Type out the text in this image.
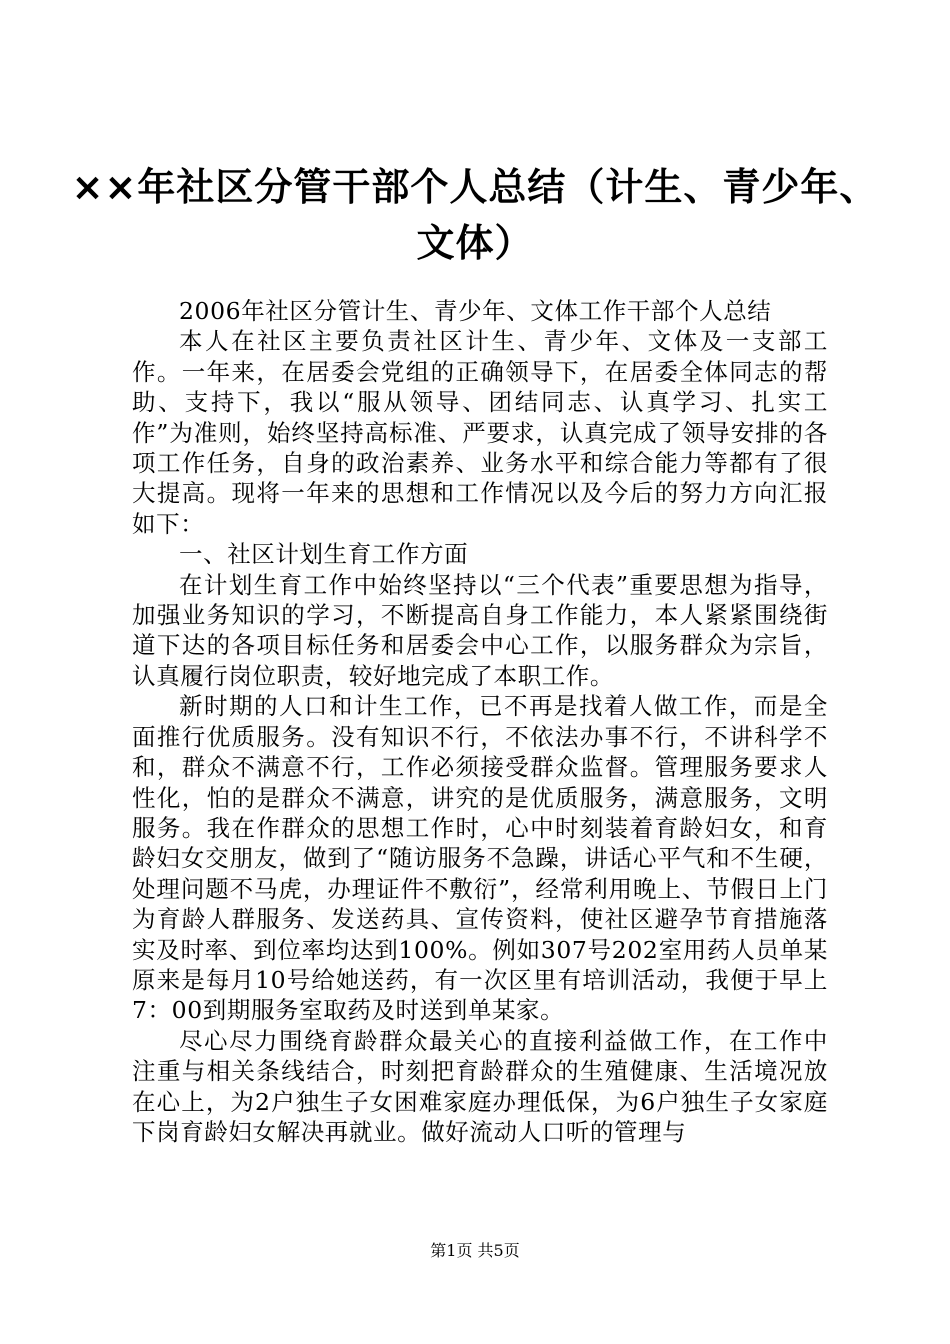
××年社区分管干部个人总结（计生、青少年、
文体）

2006年社区分管计生、青少年、文体工作干部个人总结

本人在社区主要负责社区计生、青少年、文体及一支部工作。一年来，在居委会党组的正确领导下，在居委全体同志的帮助、支持下，我以“服从领导、团结同志、认真学习、扎实工作”为准则，始终坚持高标准、严要求，认真完成了领导安排的各项工作任务，自身的政治素养、业务水平和综合能力等都有了很大提高。现将一年来的思想和工作情况以及今后的努力方向汇报如下：

一、社区计划生育工作方面

在计划生育工作中始终坚持以“三个代表”重要思想为指导，加强业务知识的学习，不断提高自身工作能力，本人紧紧围绕街道下达的各项目标任务和居委会中心工作，以服务群众为宗旨，认真履行岗位职责，较好地完成了本职工作。

新时期的人口和计生工作，已不再是找着人做工作，而是全面推行优质服务。没有知识不行，不依法办事不行，不讲科学不和，群众不满意不行，工作必须接受群众监督。管理服务要求人性化，怕的是群众不满意，讲究的是优质服务，满意服务，文明服务。我在作群众的思想工作时，心中时刻装着育龄妇女，和育龄妇女交朋友，做到了“随访服务不急躁，讲话心平气和不生硬，处理问题不马虎，办理证件不敷衍”，经常利用晚上、节假日上门为育龄人群服务、发送药具、宣传资料，使社区避孕节育措施落实及时率、到位率均达到100%。例如307号202室用药人员单某原来是每月10号给她送药，有一次区里有培训活动，我便于早上7：00到期服务室取药及时送到单某家。

尽心尽力围绕育龄群众最关心的直接利益做工作，在工作中注重与相关条线结合，时刻把育龄群众的生殖健康、生活境况放在心上，为2户独生子女困难家庭办理低保，为6户独生子女家庭下岗育龄妇女解决再就业。做好流动人口听的管理与

第1页 共5页
